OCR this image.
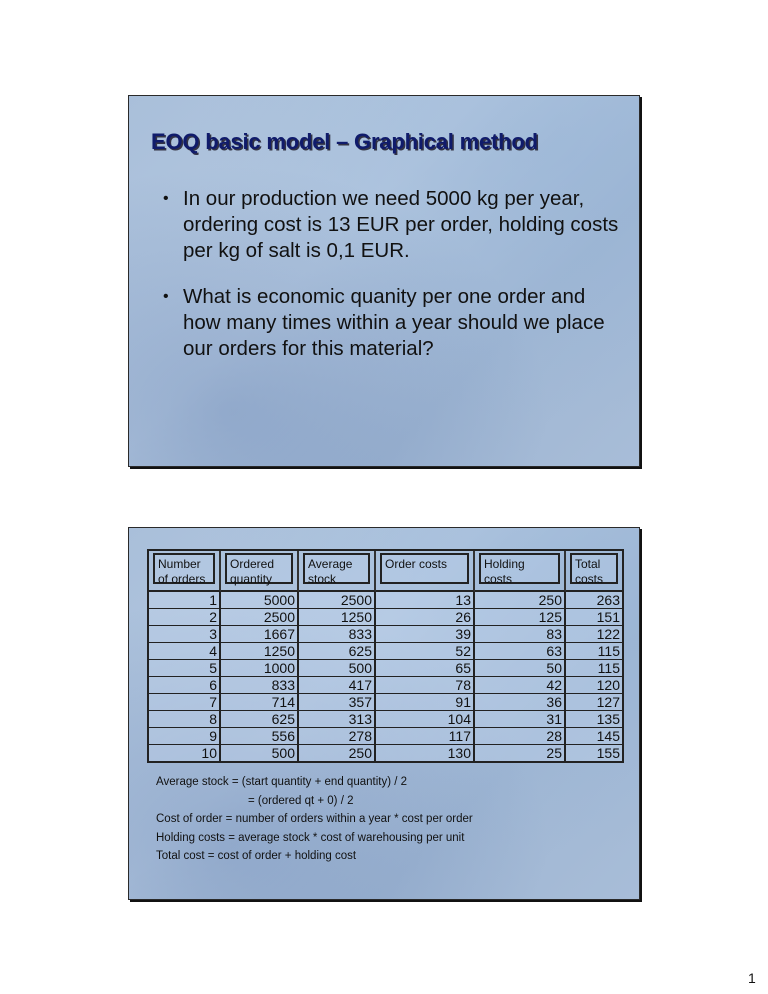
EOQ basic model – Graphical method
• In our production we need 5000 kg per year, ordering cost is 13 EUR per order, holding costs per kg of salt is 0,1 EUR.
• What is economic quanity per one order and how many times within a year should we place our orders for this material?
Number of orders	Ordered quantity	Average stock	Order costs	Holding costs	Total costs

1	5000	2500	13	250	263
2	2500	1250	26	125	151
3	1667	833	39	83	122
4	1250	625	52	63	115
5	1000	500	65	50	115
6	833	417	78	42	120
7	714	357	91	36	127
8	625	313	104	31	135
9	556	278	117	28	145
10	500	250	130	25	155
Average stock = (start quantity + end quantity) / 2
= (ordered qt + 0) / 2
Cost of order = number of orders within a year * cost per order
Holding costs = average stock * cost of warehousing per unit
Total cost = cost of order + holding cost
1
